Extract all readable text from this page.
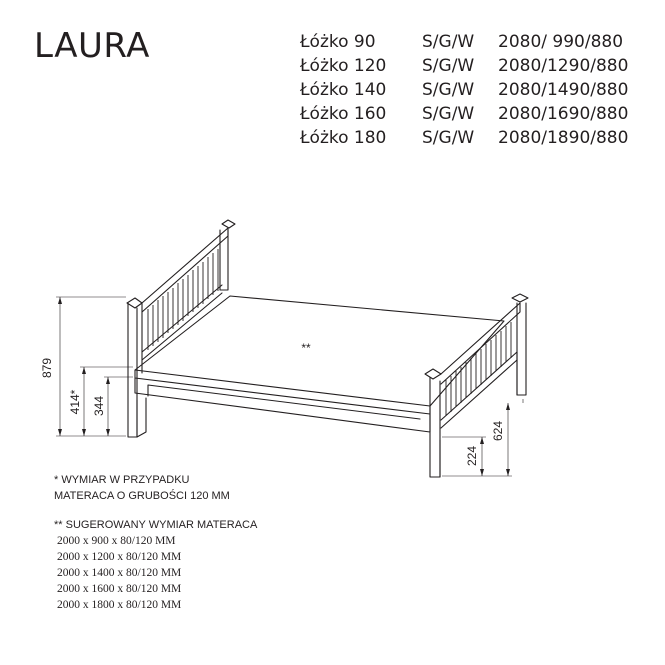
LAURA	Łóżko 90	S/G/W 2080/ 990/880
Łóżko 120 S/G/W 2080/1290/880
Łóżko 140 S/G/W 2080/1490/880
Łóżko 160 S/G/W 2080/1690/880
Łóżko 180 S/G/W 2080/1890/880
879
414* 344
624
224
**
* WYMIAR W PRZYPADKU
MATERACA O GRUBOŚCI 120 MM
** SUGEROWANY WYMIAR MATERACA
2000 x 900 x 80/120 MM
2000 x 1200 x 80/120 MM
2000 x 1400 x 80/120 MM
2000 x 1600 x 80/120 MM
2000 x 1800 x 80/120 MM
